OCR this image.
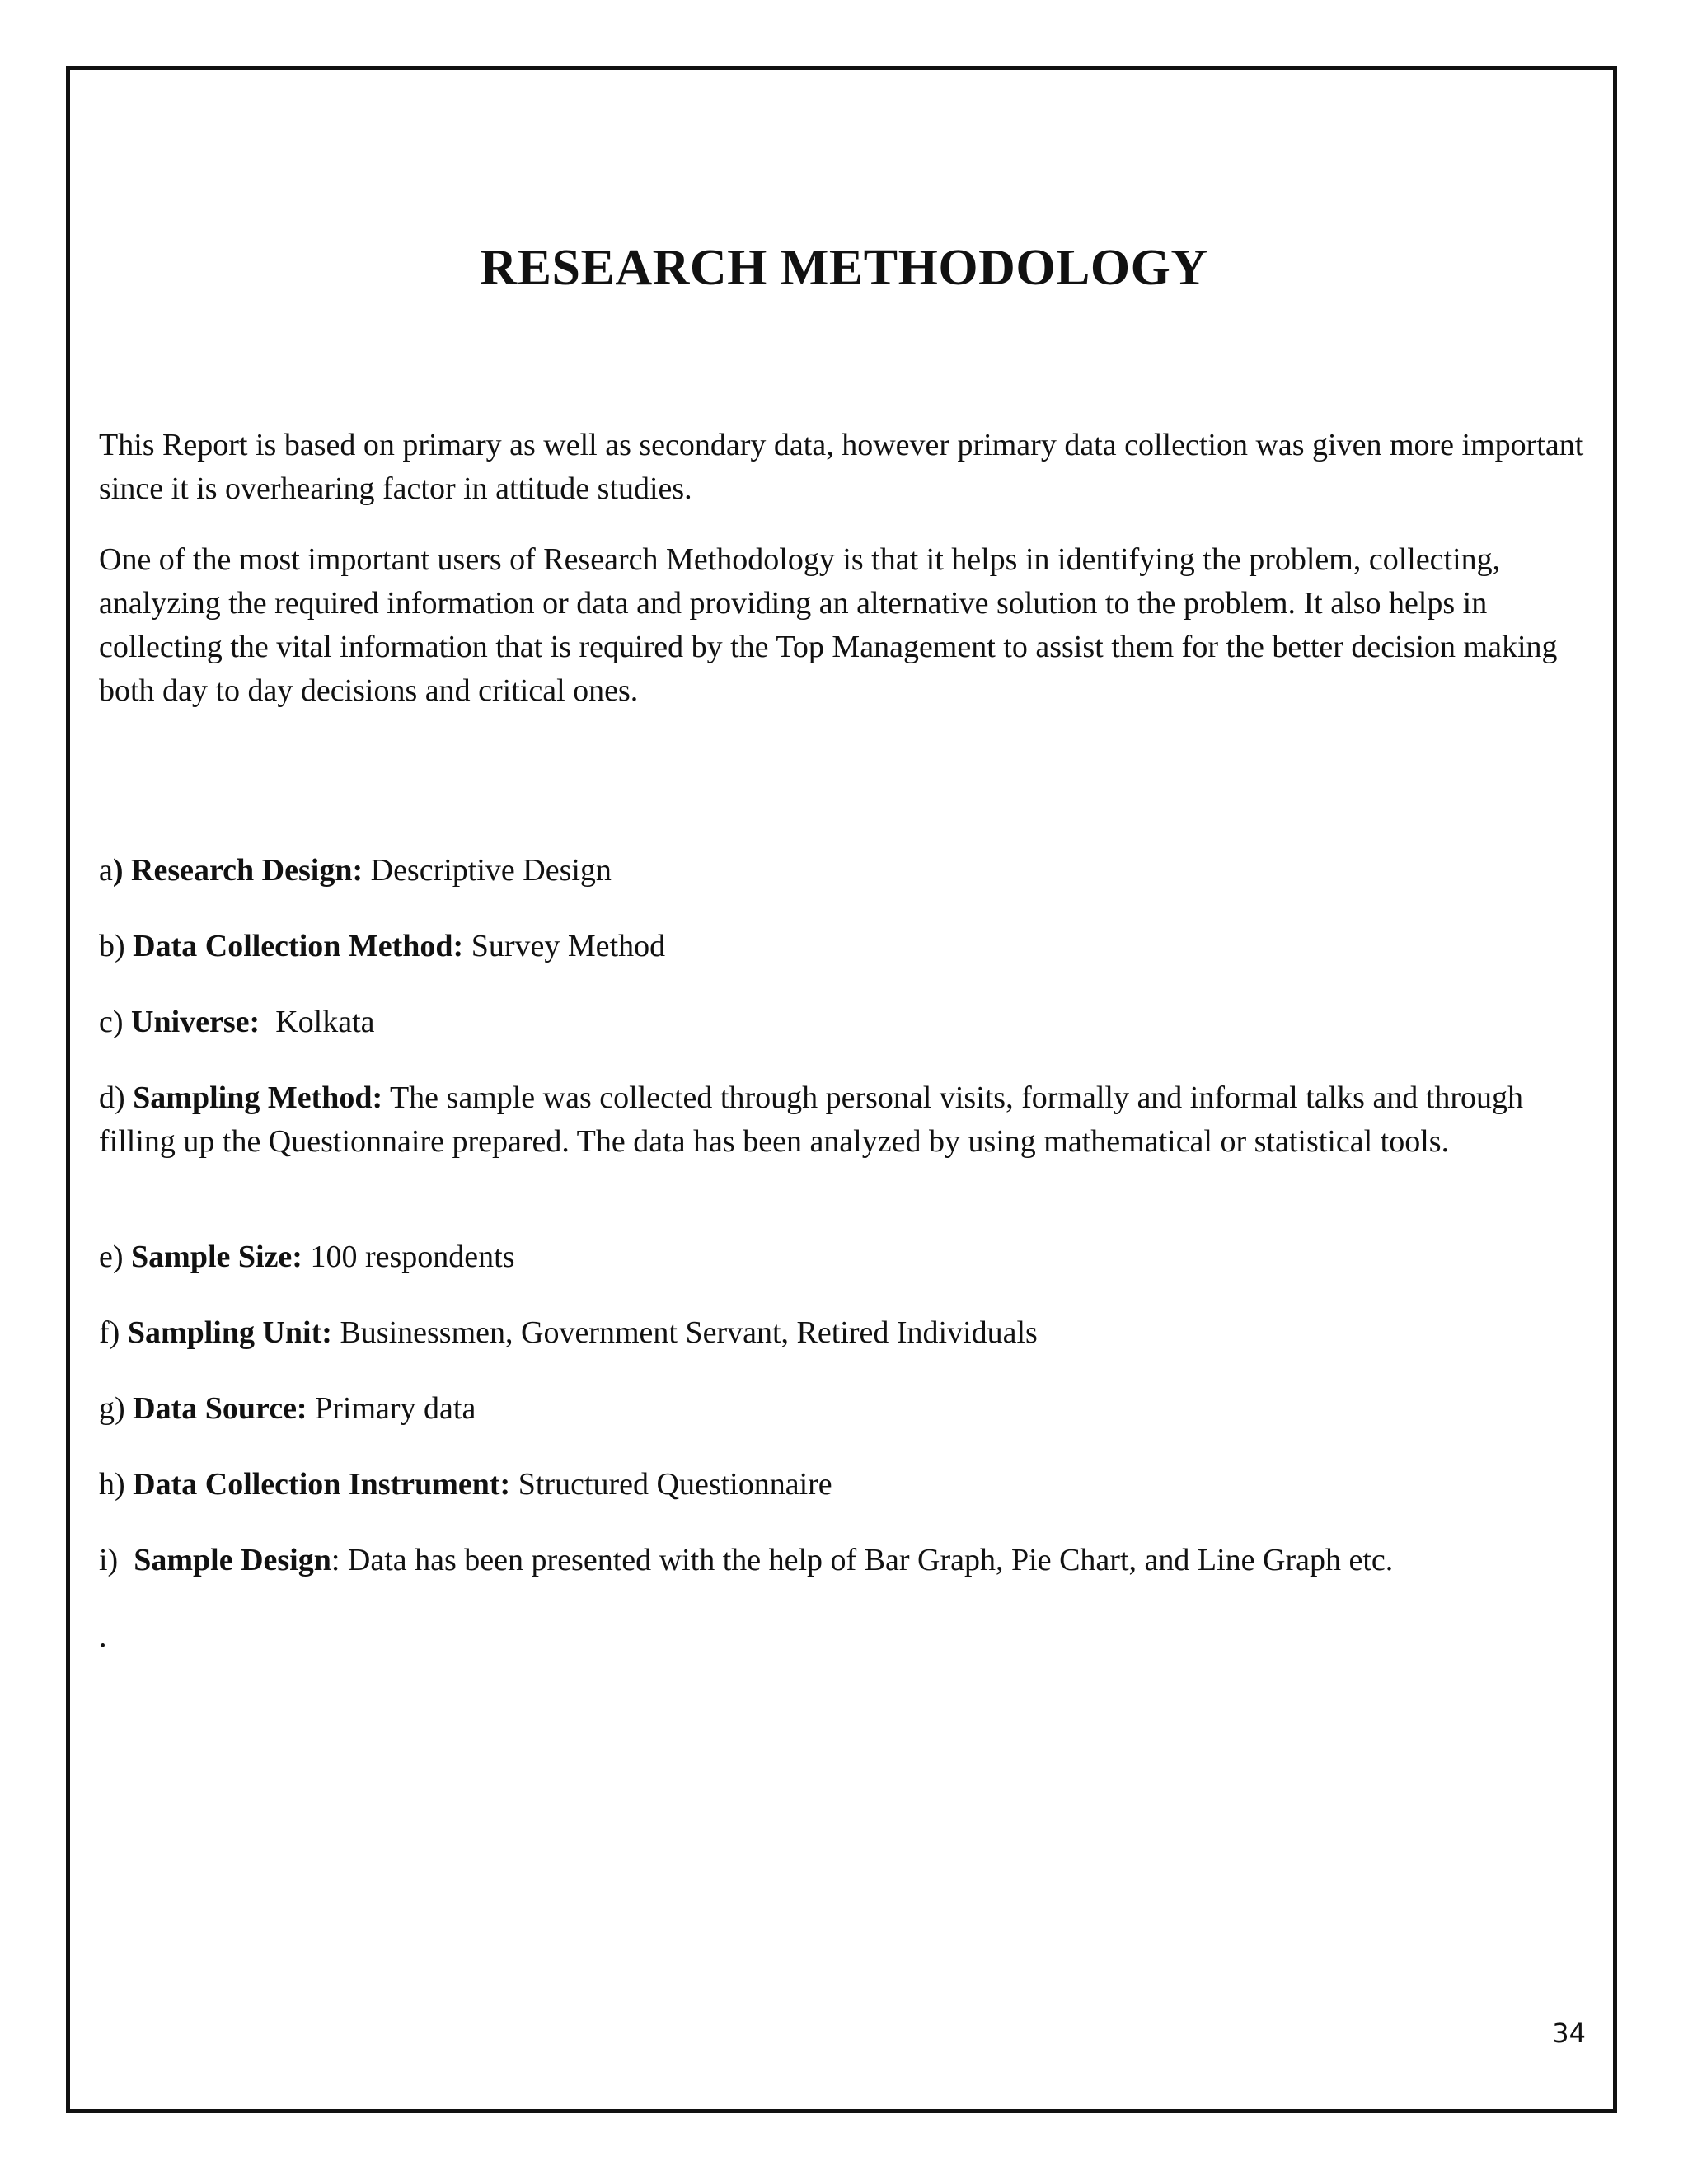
RESEARCH METHODOLOGY

This Report is based on primary as well as secondary data, however primary data collection was given more important since it is overhearing factor in attitude studies.

One of the most important users of Research Methodology is that it helps in identifying the problem, collecting, analyzing the required information or data and providing an alternative solution to the problem. It also helps in collecting the vital information that is required by the Top Management to assist them for the better decision making both day to day decisions and critical ones.

a) Research Design: Descriptive Design

b) Data Collection Method: Survey Method

c) Universe:  Kolkata

d) Sampling Method: The sample was collected through personal visits, formally and informal talks and through filling up the Questionnaire prepared. The data has been analyzed by using mathematical or statistical tools.

e) Sample Size: 100 respondents

f) Sampling Unit: Businessmen, Government Servant, Retired Individuals

g) Data Source: Primary data

h) Data Collection Instrument: Structured Questionnaire

i)  Sample Design: Data has been presented with the help of Bar Graph, Pie Chart, and Line Graph etc.

.

34
